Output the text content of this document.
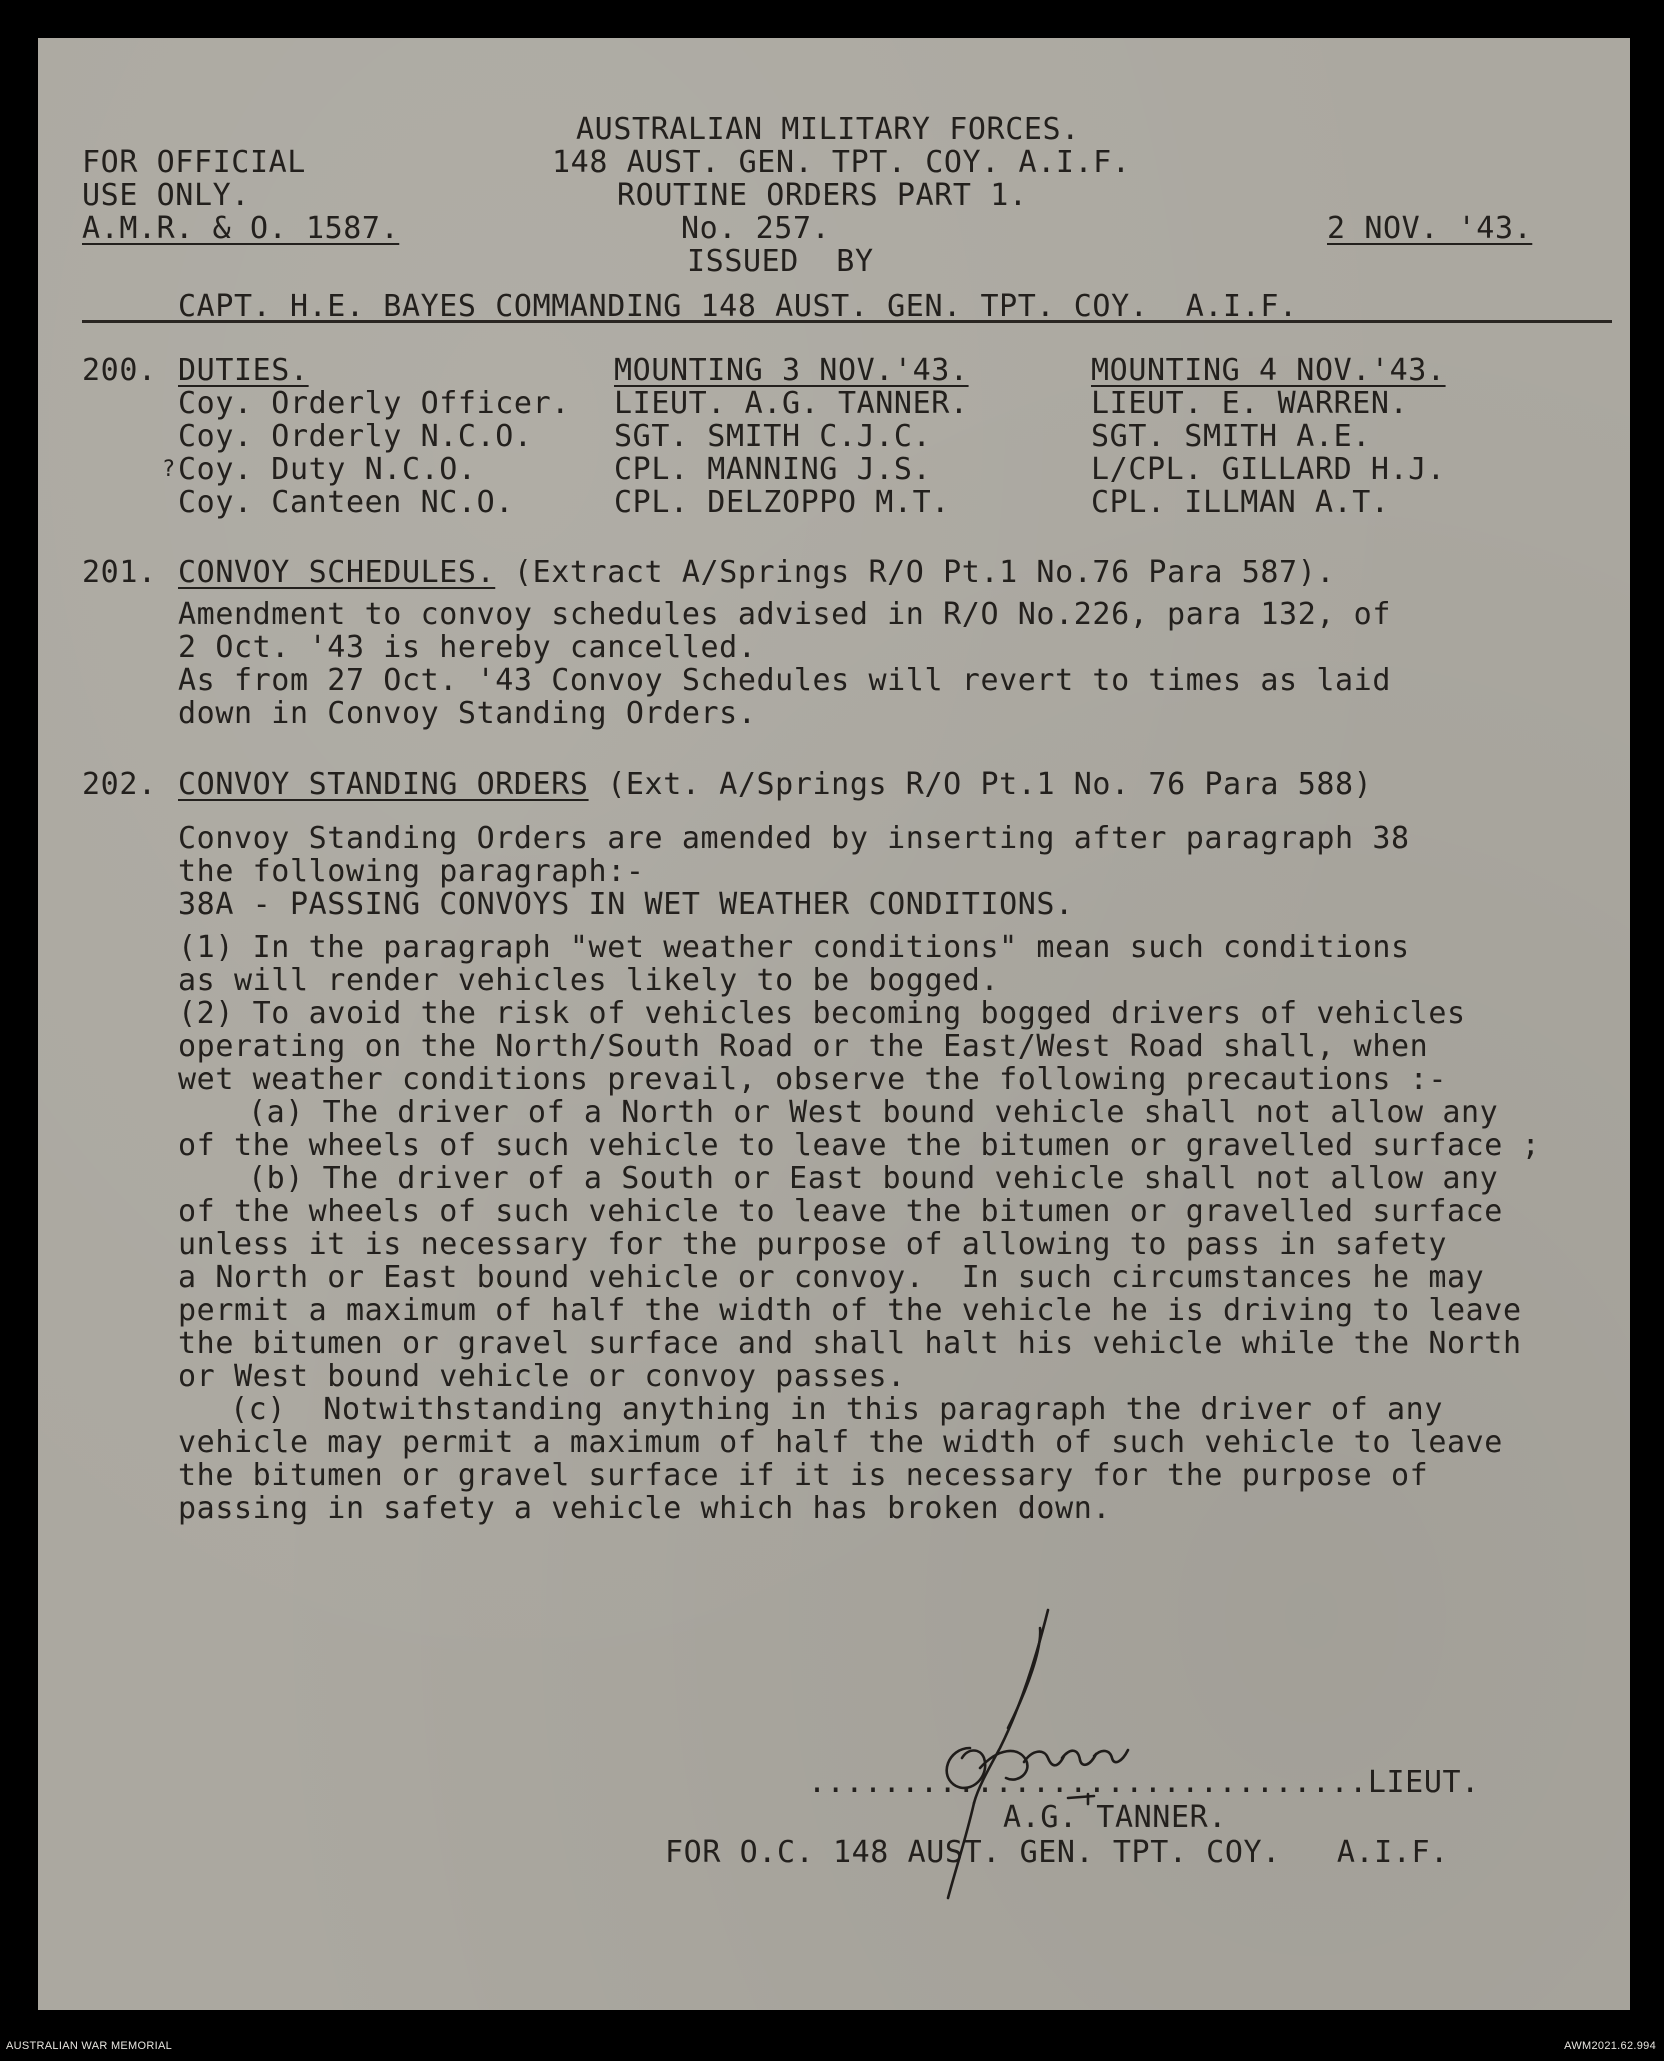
FOR OFFICIAL
USE ONLY.
A.M.R. & O. 1587.
AUSTRALIAN MILITARY FORCES.
148 AUST. GEN. TPT. COY. A.I.F.
ROUTINE ORDERS PART 1.
No. 257.
ISSUED  BY
2 NOV. '43.
CAPT. H.E. BAYES COMMANDING 148 AUST. GEN. TPT. COY.  A.I.F.
200. DUTIES.	MOUNTING 3 NOV.'43.	MOUNTING 4 NOV.'43.
Coy. Orderly Officer. LIEUT. A.G. TANNER.	LIEUT. E. WARREN.
Coy. Orderly N.C.O.	SGT. SMITH C.J.C.	SGT. SMITH A.E.
? Coy. Duty N.C.O.	CPL. MANNING J.S.	L/CPL. GILLARD H.J.
Coy. Canteen NC.O.	CPL. DELZOPPO M.T.	CPL. ILLMAN A.T.
201. CONVOY SCHEDULES. (Extract A/Springs R/O Pt.1 No.76 Para 587).
Amendment to convoy schedules advised in R/O No.226, para 132, of
2 Oct. '43 is hereby cancelled.
As from 27 Oct. '43 Convoy Schedules will revert to times as laid
down in Convoy Standing Orders.
202. CONVOY STANDING ORDERS (Ext. A/Springs R/O Pt.1 No. 76 Para 588)
Convoy Standing Orders are amended by inserting after paragraph 38
the following paragraph:-
38A - PASSING CONVOYS IN WET WEATHER CONDITIONS.
(1) In the paragraph "wet weather conditions" mean such conditions
as will render vehicles likely to be bogged.
(2) To avoid the risk of vehicles becoming bogged drivers of vehicles
operating on the North/South Road or the East/West Road shall, when
wet weather conditions prevail, observe the following precautions :-
(a) The driver of a North or West bound vehicle shall not allow any
of the wheels of such vehicle to leave the bitumen or gravelled surface ;
(b) The driver of a South or East bound vehicle shall not allow any
of the wheels of such vehicle to leave the bitumen or gravelled surface
unless it is necessary for the purpose of allowing to pass in safety
a North or East bound vehicle or convoy.  In such circumstances he may
permit a maximum of half the width of the vehicle he is driving to leave
the bitumen or gravel surface and shall halt his vehicle while the North
or West bound vehicle or convoy passes.
(c)  Notwithstanding anything in this paragraph the driver of any
vehicle may permit a maximum of half the width of such vehicle to leave
the bitumen or gravel surface if it is necessary for the purpose of
passing in safety a vehicle which has broken down.
..............................LIEUT.
A.G. TANNER.
FOR O.C. 148 AUST. GEN. TPT. COY.   A.I.F.
AUSTRALIAN WAR MEMORIAL	AWM2021.62.994
